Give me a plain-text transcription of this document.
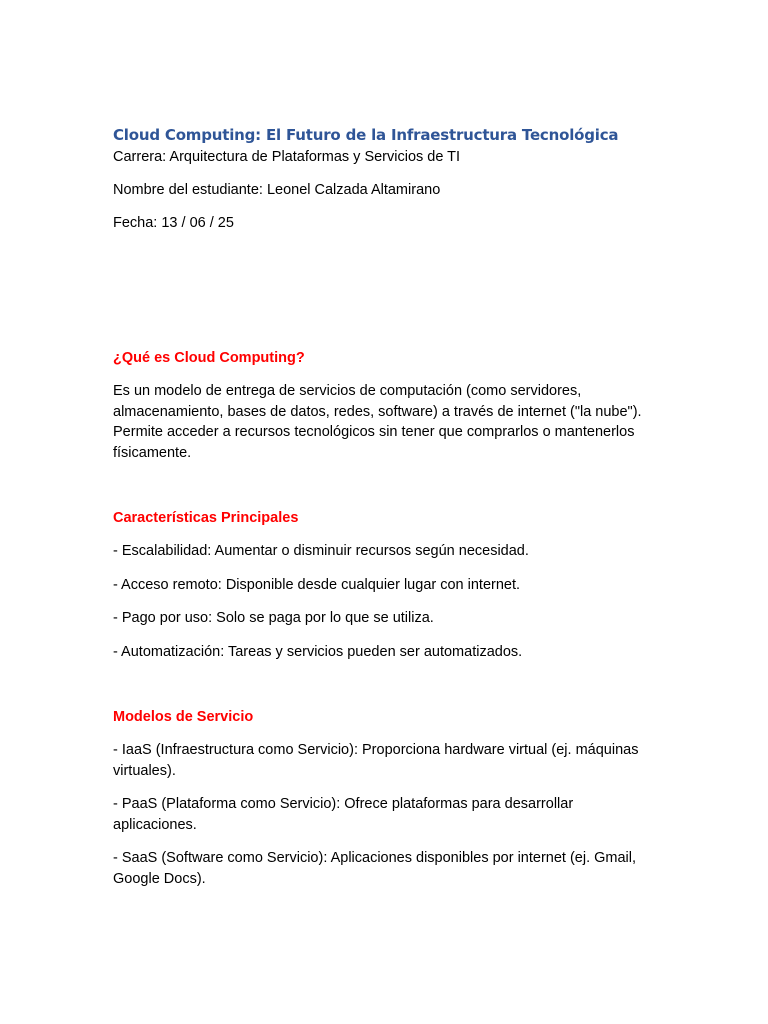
Cloud Computing: El Futuro de la Infraestructura Tecnológica

Carrera: Arquitectura de Plataformas y Servicios de TI

Nombre del estudiante: Leonel Calzada Altamirano

Fecha: 13 / 06 / 25

¿Qué es Cloud Computing?

Es un modelo de entrega de servicios de computación (como servidores, almacenamiento, bases de datos, redes, software) a través de internet ("la nube"). Permite acceder a recursos tecnológicos sin tener que comprarlos o mantenerlos físicamente.

Características Principales

- Escalabilidad: Aumentar o disminuir recursos según necesidad.

- Acceso remoto: Disponible desde cualquier lugar con internet.

- Pago por uso: Solo se paga por lo que se utiliza.

- Automatización: Tareas y servicios pueden ser automatizados.

Modelos de Servicio

- IaaS (Infraestructura como Servicio): Proporciona hardware virtual (ej. máquinas virtuales).

- PaaS (Plataforma como Servicio): Ofrece plataformas para desarrollar aplicaciones.

- SaaS (Software como Servicio): Aplicaciones disponibles por internet (ej. Gmail, Google Docs).
